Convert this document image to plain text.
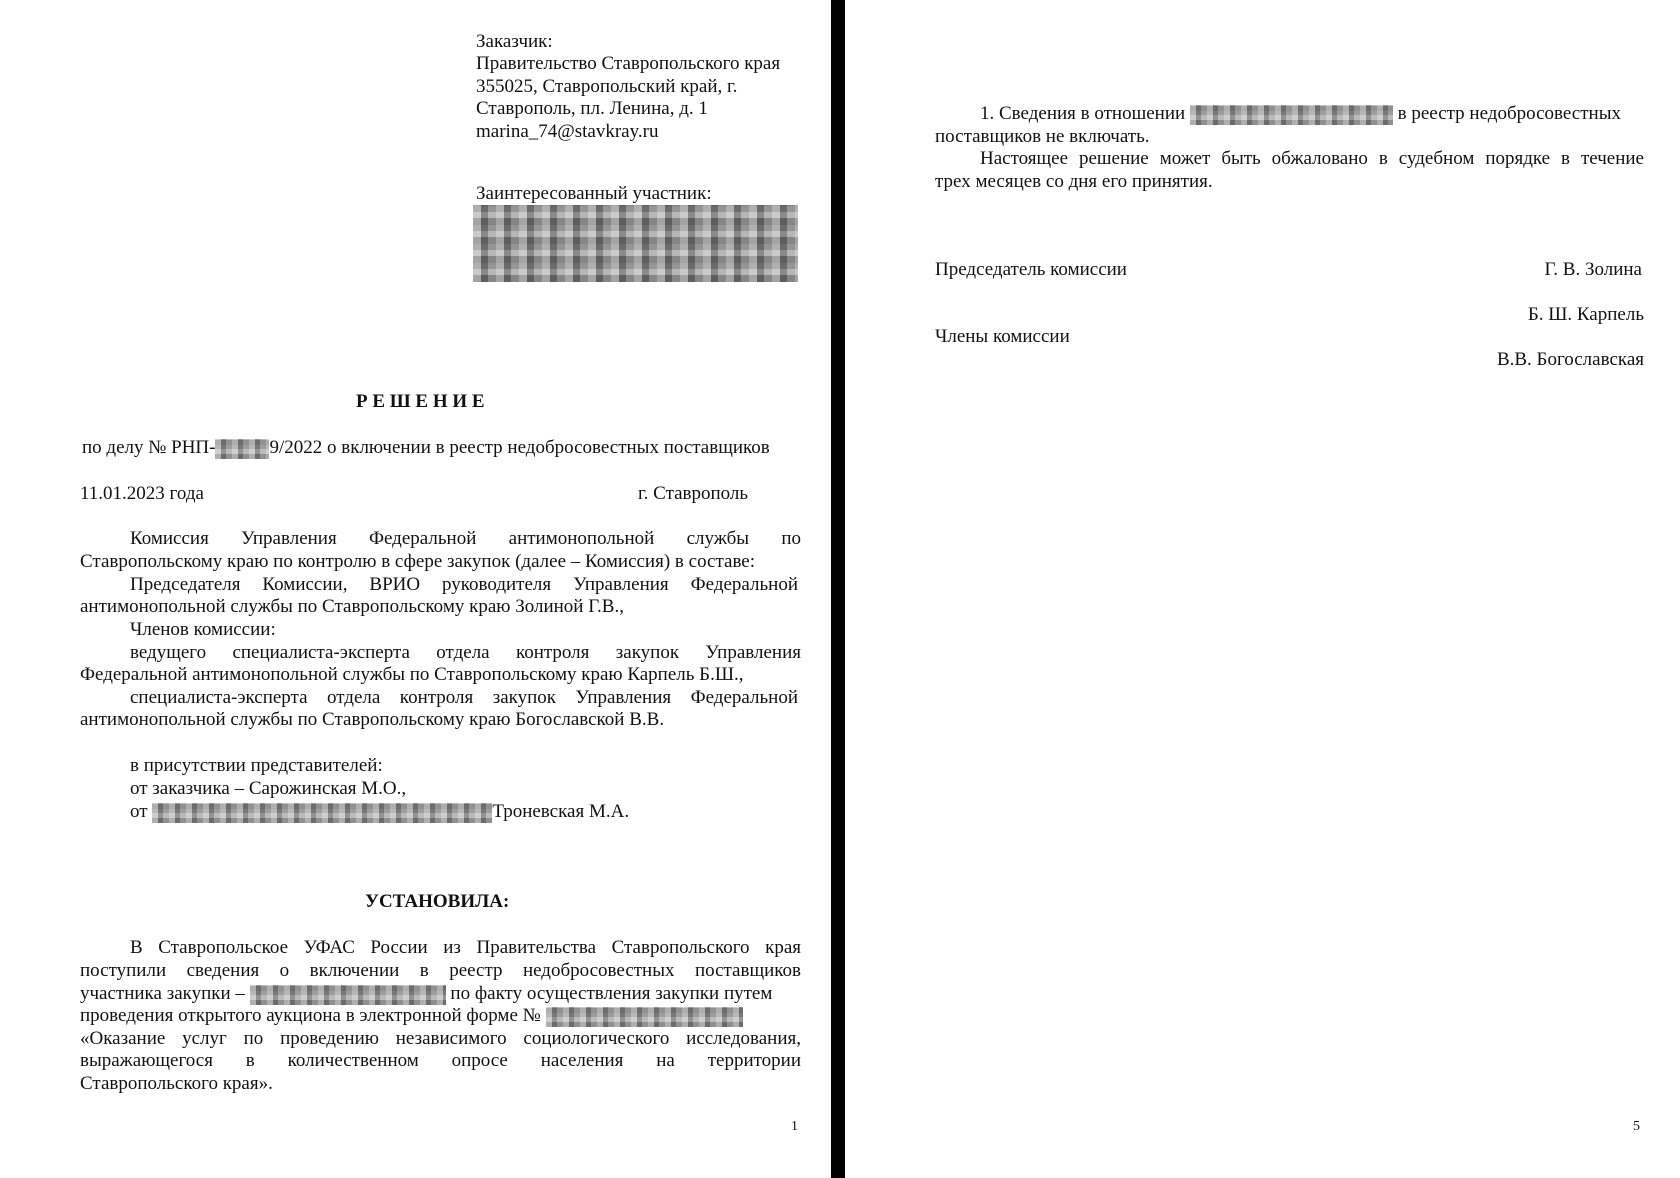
Заказчик:
Правительство Ставропольского края
355025, Ставропольский край, г.
Ставрополь, пл. Ленина, д. 1
marina_74@stavkray.ru
Заинтересованный участник:
Р Е Ш Е Н И Е
по делу № РНП-	9/2022 о включении в реестр недобросовестных поставщиков
11.01.2023 года	г. Ставрополь
Комиссия Управления Федеральной антимонопольной службы по
Ставропольскому краю по контролю в сфере закупок (далее – Комиссия) в составе:
Председателя Комиссии, ВРИО руководителя Управления Федеральной
антимонопольной службы по Ставропольскому краю Золиной Г.В.,
Членов комиссии:
ведущего специалиста-эксперта отдела контроля закупок Управления
Федеральной антимонопольной службы по Ставропольскому краю Карпель Б.Ш.,
специалиста-эксперта отдела контроля закупок Управления Федеральной
антимонопольной службы по Ставропольскому краю Богославской В.В.
в присутствии представителей:
от заказчика – Сарожинская М.О.,
от	Троневская М.А.
УСТАНОВИЛА:
В Ставропольское УФАС России из Правительства Ставропольского края
поступили сведения о включении в реестр недобросовестных поставщиков
участника закупки –	по факту осуществления закупки путем
проведения открытого аукциона в электронной форме №
«Оказание услуг по проведению независимого социологического исследования,
выражающегося в количественном опросе населения на территории
Ставропольского края».
1
1. Сведения в отношении	в реестр недобросовестных
поставщиков не включать.
Настоящее решение может быть обжаловано в судебном порядке в течение
трех месяцев со дня его принятия.
Председатель комиссии	Г. В. Золина
Б. Ш. Карпель
Члены комиссии
В.В. Богославская
5
